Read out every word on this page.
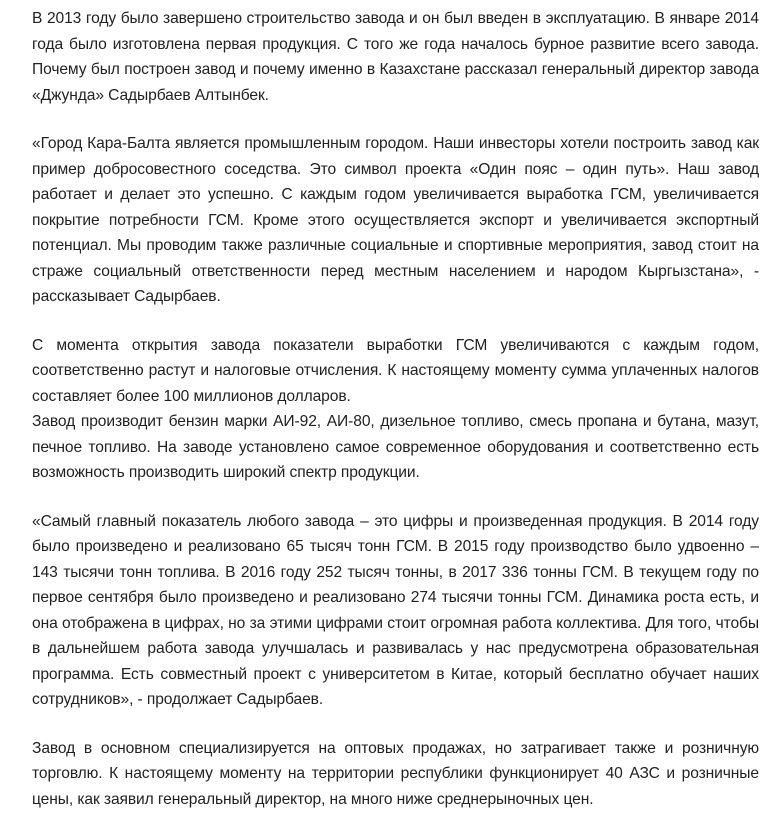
В 2013 году было завершено строительство завода и он был введен в эксплуатацию. В январе 2014 года было изготовлена первая продукция. С того же года началось бурное развитие всего завода. Почему был построен завод и почему именно в Казахстане рассказал генеральный директор завода «Джунда» Садырбаев Алтынбек.

«Город Кара-Балта является промышленным городом. Наши инвесторы хотели построить завод как пример добросовестного соседства. Это символ проекта «Один пояс – один путь». Наш завод работает и делает это успешно. С каждым годом увеличивается выработка ГСМ, увеличивается покрытие потребности ГСМ. Кроме этого осуществляется экспорт и увеличивается экспортный потенциал. Мы проводим также различные социальные и спортивные мероприятия, завод стоит на страже социальный ответственности перед местным населением и народом Кыргызстана», - рассказывает Садырбаев.

С момента открытия завода показатели выработки ГСМ увеличиваются с каждым годом, соответственно растут и налоговые отчисления. К настоящему моменту сумма уплаченных налогов составляет более 100 миллионов долларов.

Завод производит бензин марки АИ-92, АИ-80, дизельное топливо, смесь пропана и бутана, мазут, печное топливо. На заводе установлено самое современное оборудования и соответственно есть возможность производить широкий спектр продукции.

«Самый главный показатель любого завода – это цифры и произведенная продукция. В 2014 году было произведено и реализовано 65 тысяч тонн ГСМ. В 2015 году производство было удвоенно – 143 тысячи тонн топлива. В 2016 году 252 тысяч тонны, в 2017 336 тонны ГСМ. В текущем году по первое сентября было произведено и реализовано 274 тысячи тонны ГСМ. Динамика роста есть, и она отображена в цифрах, но за этими цифрами стоит огромная работа коллектива. Для того, чтобы в дальнейшем работа завода улучшалась и развивалась у нас предусмотрена образовательная программа. Есть совместный проект с университетом в Китае, который бесплатно обучает наших сотрудников», - продолжает Садырбаев.

Завод в основном специализируется на оптовых продажах, но затрагивает также и розничную торговлю. К настоящему моменту на территории республики функционирует 40 АЗС и розничные цены, как заявил генеральный директор, на много ниже среднерыночных цен.
